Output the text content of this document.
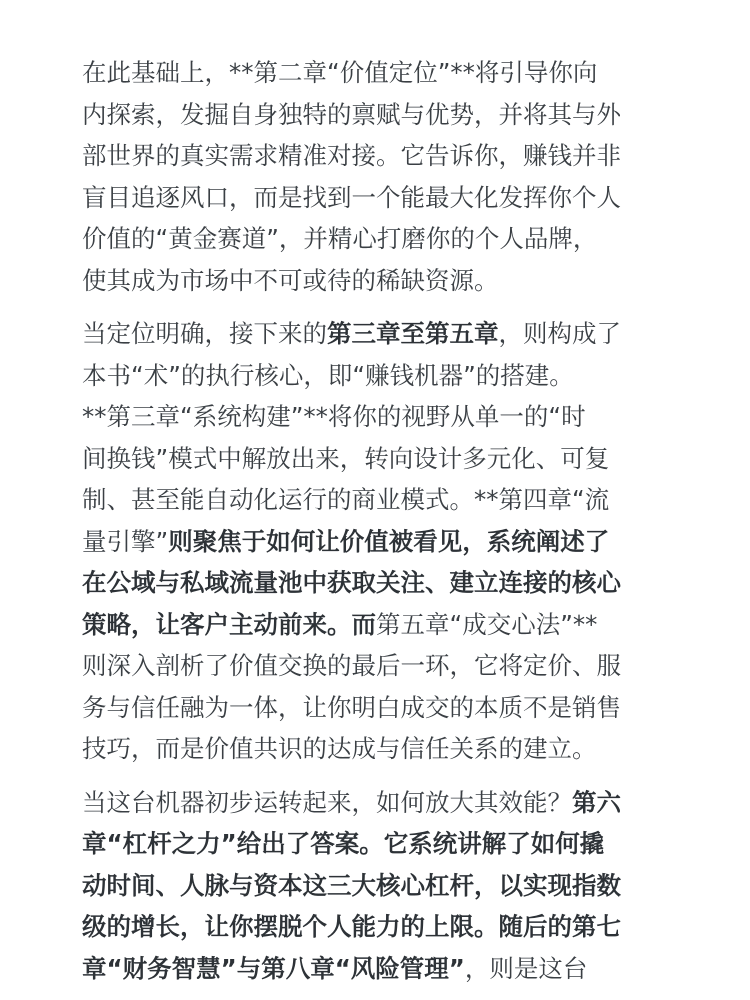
在此基础上，**第二章“价值定位”**将引导你向
内探索，发掘自身独特的禀赋与优势，并将其与外
部世界的真实需求精准对接。它告诉你，赚钱并非
盲目追逐风口，而是找到一个能最大化发挥你个人
价值的“黄金赛道”，并精心打磨你的个人品牌，
使其成为市场中不可或待的稀缺资源。

当定位明确，接下来的第三章至第五章，则构成了
本书“术”的执行核心，即“赚钱机器”的搭建。
**第三章“系统构建”**将你的视野从单一的“时
间换钱”模式中解放出来，转向设计多元化、可复
制、甚至能自动化运行的商业模式。**第四章“流
量引擎”则聚焦于如何让价值被看见，系统阐述了
在公域与私域流量池中获取关注、建立连接的核心
策略，让客户主动前来。而第五章“成交心法”**
则深入剖析了价值交换的最后一环，它将定价、服
务与信任融为一体，让你明白成交的本质不是销售
技巧，而是价值共识的达成与信任关系的建立。

当这台机器初步运转起来，如何放大其效能？第六
章“杠杆之力”给出了答案。它系统讲解了如何撬
动时间、人脉与资本这三大核心杠杆，以实现指数
级的增长，让你摆脱个人能力的上限。随后的第七
章“财务智慧”与第八章“风险管理”，则是这台
